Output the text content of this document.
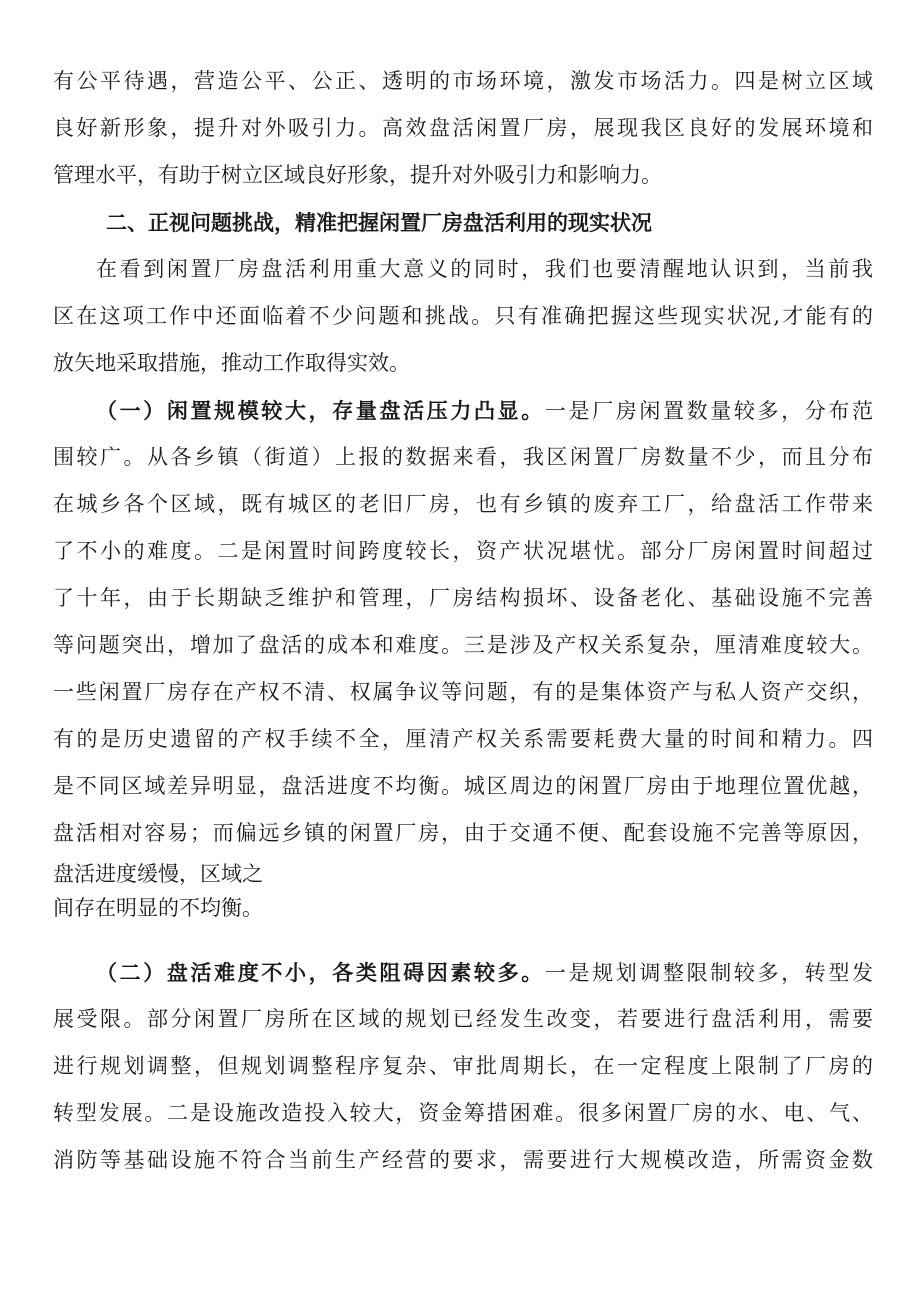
有公平待遇，营造公平、公正、透明的市场环境，激发市场活力。四是树立区域
良好新形象，提升对外吸引力。高效盘活闲置厂房，展现我区良好的发展环境和
管理水平，有助于树立区域良好形象，提升对外吸引力和影响力。
二、正视问题挑战，精准把握闲置厂房盘活利用的现实状况
在看到闲置厂房盘活利用重大意义的同时，我们也要清醒地认识到，当前我
区在这项工作中还面临着不少问题和挑战。只有准确把握这些现实状况,才能有的
放矢地采取措施，推动工作取得实效。
（一）闲置规模较大，存量盘活压力凸显。一是厂房闲置数量较多，分布范
围较广。从各乡镇（街道）上报的数据来看，我区闲置厂房数量不少，而且分布
在城乡各个区域，既有城区的老旧厂房，也有乡镇的废弃工厂，给盘活工作带来
了不小的难度。二是闲置时间跨度较长，资产状况堪忧。部分厂房闲置时间超过
了十年，由于长期缺乏维护和管理，厂房结构损坏、设备老化、基础设施不完善
等问题突出，增加了盘活的成本和难度。三是涉及产权关系复杂，厘清难度较大。
一些闲置厂房存在产权不清、权属争议等问题，有的是集体资产与私人资产交织，
有的是历史遗留的产权手续不全，厘清产权关系需要耗费大量的时间和精力。四
是不同区域差异明显，盘活进度不均衡。城区周边的闲置厂房由于地理位置优越，
盘活相对容易；而偏远乡镇的闲置厂房，由于交通不便、配套设施不完善等原因，
盘活进度缓慢，区域之
间存在明显的不均衡。
（二）盘活难度不小，各类阻碍因素较多。一是规划调整限制较多，转型发
展受限。部分闲置厂房所在区域的规划已经发生改变，若要进行盘活利用，需要
进行规划调整，但规划调整程序复杂、审批周期长，在一定程度上限制了厂房的
转型发展。二是设施改造投入较大，资金筹措困难。很多闲置厂房的水、电、气、
消防等基础设施不符合当前生产经营的要求，需要进行大规模改造，所需资金数
